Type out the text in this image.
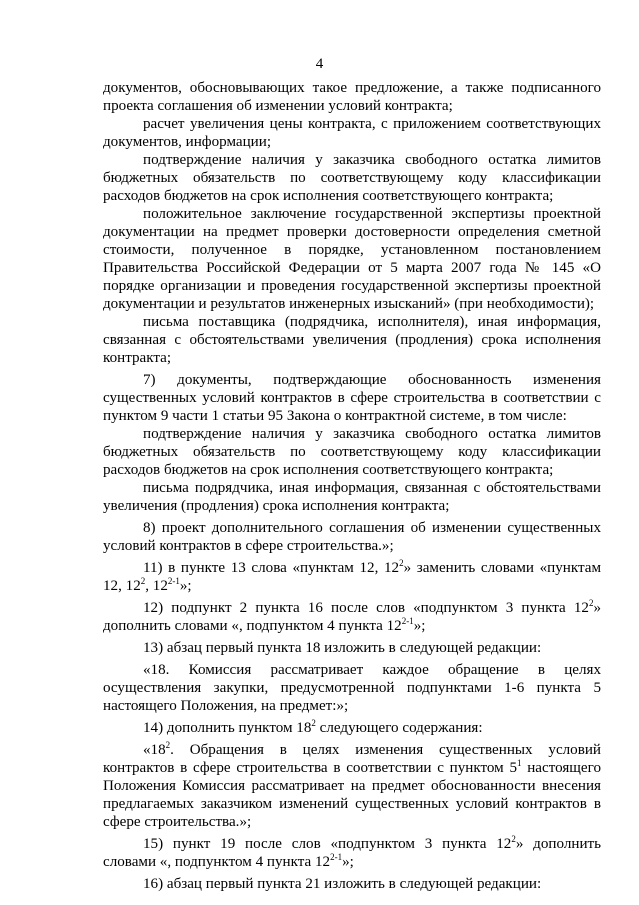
4

документов, обосновывающих такое предложение, а также подписанного проекта соглашения об изменении условий контракта;

расчет увеличения цены контракта, с приложением соответствующих документов, информации;

подтверждение наличия у заказчика свободного остатка лимитов бюджетных обязательств по соответствующему коду классификации расходов бюджетов на срок исполнения соответствующего контракта;

положительное заключение государственной экспертизы проектной документации на предмет проверки достоверности определения сметной стоимости, полученное в порядке, установленном постановлением Правительства Российской Федерации от 5 марта 2007 года № 145 «О порядке организации и проведения государственной экспертизы проектной документации и результатов инженерных изысканий» (при необходимости);

письма поставщика (подрядчика, исполнителя), иная информация, связанная с обстоятельствами увеличения (продления) срока исполнения контракта;

7) документы, подтверждающие обоснованность изменения существенных условий контрактов в сфере строительства в соответствии с пунктом 9 части 1 статьи 95 Закона о контрактной системе, в том числе:

подтверждение наличия у заказчика свободного остатка лимитов бюджетных обязательств по соответствующему коду классификации расходов бюджетов на срок исполнения соответствующего контракта;

письма подрядчика, иная информация, связанная с обстоятельствами увеличения (продления) срока исполнения контракта;

8) проект дополнительного соглашения об изменении существенных условий контрактов в сфере строительства.»;

11) в пункте 13 слова «пунктам 12, $12^2$» заменить словами «пунктам 12, $12^2$, 12$^{2-1}$»;

12) подпункт 2 пункта 16 после слов «подпунктом 3 пункта $12^2$» дополнить словами «, подпунктом 4 пункта 12$^{2-1}$»;

13) абзац первый пункта 18 изложить в следующей редакции:

«18. Комиссия рассматривает каждое обращение в целях осуществления закупки, предусмотренной подпунктами 1-6 пункта 5 настоящего Положения, на предмет:»;

14) дополнить пунктом $18^2$ следующего содержания:

«$18^2$. Обращения в целях изменения существенных условий контрактов в сфере строительства в соответствии с пунктом $5^1$ настоящего Положения Комиссия рассматривает на предмет обоснованности внесения предлагаемых заказчиком изменений существенных условий контрактов в сфере строительства.»;

15) пункт 19 после слов «подпунктом 3 пункта $12^2$» дополнить словами «, подпунктом 4 пункта 12$^{2-1}$»;

16) абзац первый пункта 21 изложить в следующей редакции:
